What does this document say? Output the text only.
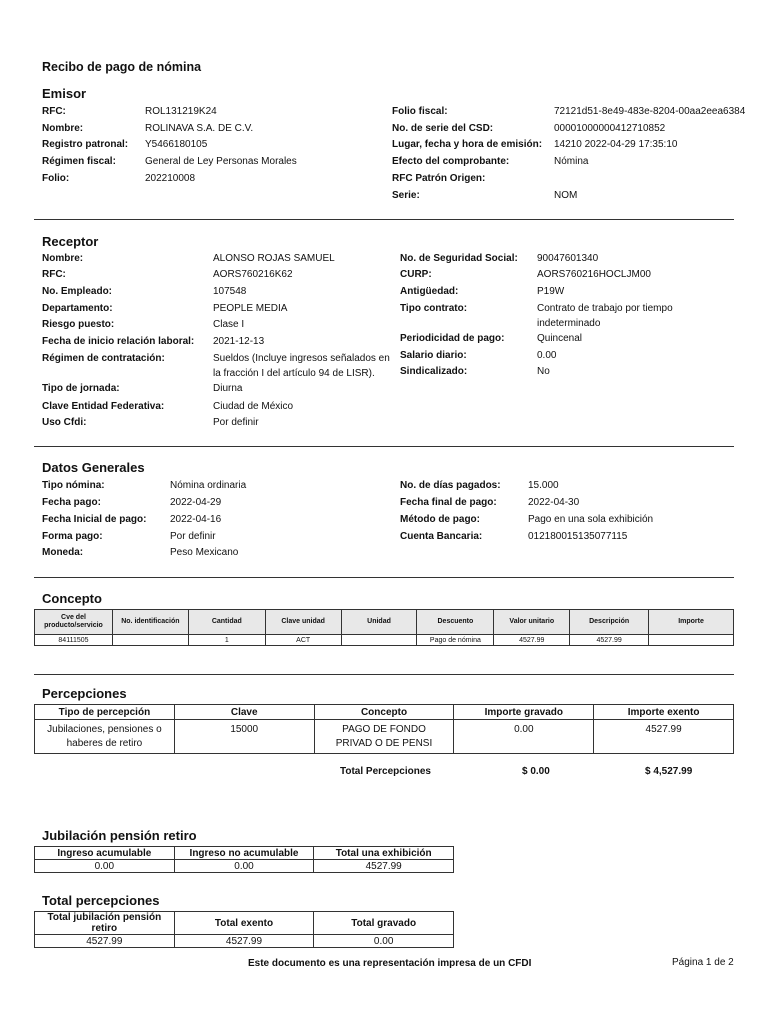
Recibo de pago de nómina
Emisor
RFC:	ROL131219K24
Nombre:	ROLINAVA S.A. DE C.V.
Registro patronal: Y5466180105
Régimen fiscal:	General de Ley Personas Morales
Folio:	202210008
Folio fiscal:	72121d51-8e49-483e-8204-00aa2eea6384
No. de serie del CSD:	00001000000412710852
Lugar, fecha y hora de emisión: 14210 2022-04-29 17:35:10
Efecto del comprobante:	Nómina
RFC Patrón Origen:
Serie:	NOM
Receptor
Nombre:	ALONSO ROJAS SAMUEL
RFC:	AORS760216K62
No. Empleado:	107548
Departamento:	PEOPLE MEDIA
Riesgo puesto:	Clase I
Fecha de inicio relación laboral: 2021-12-13
Régimen de contratación:	Sueldos (Incluye ingresos señalados en
la fracción I del artículo 94 de LISR).
Tipo de jornada:	Diurna
Clave Entidad Federativa:	Ciudad de México
Uso Cfdi:	Por definir
No. de Seguridad Social: 90047601340
CURP:	AORS760216HOCLJM00
Antigüedad:	P19W
Tipo contrato:	Contrato de trabajo por tiempo
indeterminado
Periodicidad de pago:	Quincenal
Salario diario:	0.00
Sindicalizado:	No
Datos Generales
Tipo nómina:	Nómina ordinaria
Fecha pago:	2022-04-29
Fecha Inicial de pago: 2022-04-16
Forma pago:	Por definir
Moneda:	Peso Mexicano
No. de días pagados:	15.000
Fecha final de pago:	2022-04-30
Método de pago:	Pago en una sola exhibición
Cuenta Bancaria:	012180015135077115
Concepto
Cve del producto/servicio	No. identificación	Cantidad	Clave unidad	Unidad	Descuento	Valor unitario	Descripción	Importe
84111505		1	ACT		Pago de nómina	4527.99	4527.99	
Percepciones
Tipo de percepción	Clave	Concepto	Importe gravado	Importe exento
Jubilaciones, pensiones o haberes de retiro	15000	PAGO DE FONDO PRIVAD O DE PENSI	0.00	4527.99
Total Percepciones	$ 0.00	$ 4,527.99
Jubilación pensión retiro
Ingreso acumulable	Ingreso no acumulable	Total una exhibición
0.00	0.00	4527.99
Total percepciones
Total jubilación pensión retiro	Total exento	Total gravado
4527.99	4527.99	0.00
Este documento es una representación impresa de un CFDI	Página 1 de 2
